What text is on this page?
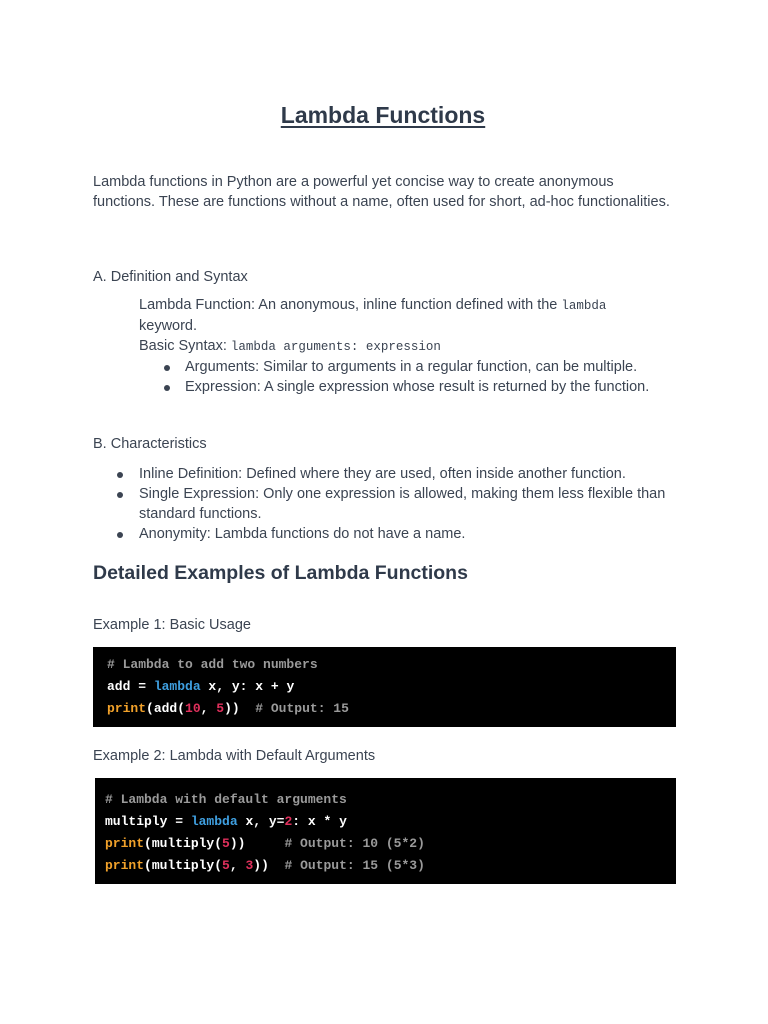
Lambda Functions

Lambda functions in Python are a powerful yet concise way to create anonymous functions. These are functions without a name, often used for short, ad-hoc functionalities.

A. Definition and Syntax

Lambda Function: An anonymous, inline function defined with the lambda
keyword.

Basic Syntax: lambda arguments: expression

Arguments: Similar to arguments in a regular function, can be multiple.
Expression: A single expression whose result is returned by the function.

B. Characteristics

Inline Definition: Defined where they are used, often inside another function.
Single Expression: Only one expression is allowed, making them less flexible than standard functions.
Anonymity: Lambda functions do not have a name.
Detailed Examples of Lambda Functions

Example 1: Basic Usage

# Lambda to add two numbers
add = lambda x, y: x + y
print(add(10, 5))  # Output: 15

Example 2: Lambda with Default Arguments

# Lambda with default arguments
multiply = lambda x, y=2: x * y
print(multiply(5))     # Output: 10 (5*2)
print(multiply(5, 3))  # Output: 15 (5*3)
